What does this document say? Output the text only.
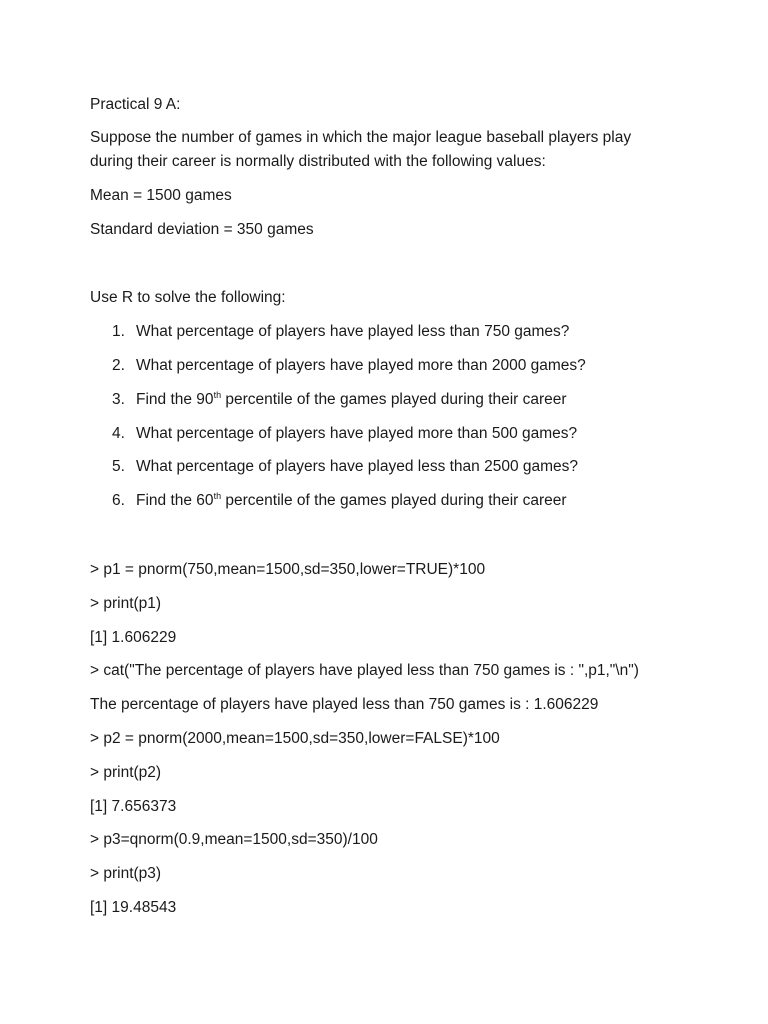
Practical 9 A:
Suppose the number of games in which the major league baseball players play
during their career is normally distributed with the following values:
Mean = 1500 games
Standard deviation = 350 games
Use R to solve the following:
1. What percentage of players have played less than 750 games?
2. What percentage of players have played more than 2000 games?
3. Find the 90th percentile of the games played during their career
4. What percentage of players have played more than 500 games?
5. What percentage of players have played less than 2500 games?
6. Find the 60th percentile of the games played during their career
> p1 = pnorm(750,mean=1500,sd=350,lower=TRUE)*100
> print(p1)
[1] 1.606229
> cat("The percentage of players have played less than 750 games is : ",p1,"\n")
The percentage of players have played less than 750 games is : 1.606229
> p2 = pnorm(2000,mean=1500,sd=350,lower=FALSE)*100
> print(p2)
[1] 7.656373
> p3=qnorm(0.9,mean=1500,sd=350)/100
> print(p3)
[1] 19.48543
